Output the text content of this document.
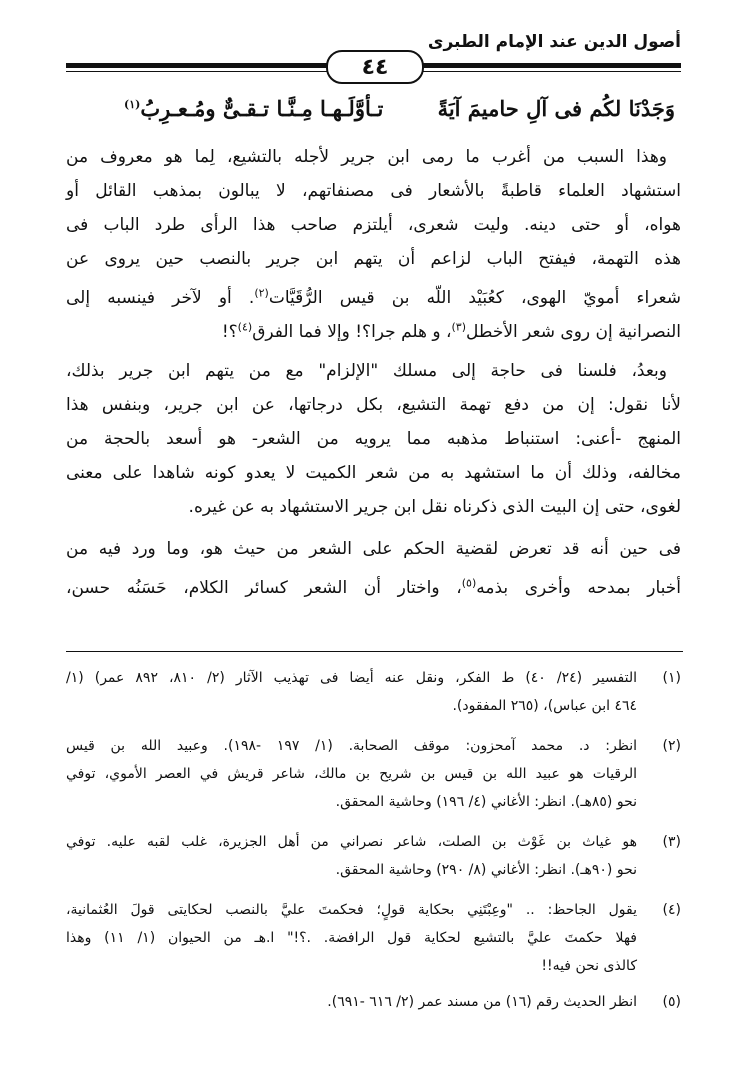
أصول الدين عند الإمام الطبرى
٤٤
وَجَدْنَا لكُم فى آلِ حاميمَ آيَةً
تـأوَّلَـهـا مِـنَّـا تـقـىٌّ ومُـعـرِبُ$^{(١)}$
وهذا السبب من أغرب ما رمى ابن جرير لأجله بالتشيع، لِما هو معروف من
استشهاد العلماء قاطبةً بالأشعار فى مصنفاتهم، لا يبالون بمذهب القائل أو
هواه، أو حتى دينه. وليت شعرى، أيلتزم صاحب هذا الرأى طرد الباب فى
هذه التهمة، فيفتح الباب لزاعم أن يتهم ابن جرير بالنصب حين يروى عن
شعراء أمويّ الهوى، كعُبَيْد اللّه بن قيس الرُّقَيَّات$^{(٢)}$. أو لآخر فينسبه إلى
النصرانية إن روى شعر الأخطل$^{(٣)}$، و هلم جرا؟! وإلا فما الفرق$^{(٤)}$؟!
وبعدُ، فلسنا فى حاجة إلى مسلك "الإلزام" مع من يتهم ابن جرير بذلك،
لأنا نقول: إن من دفع تهمة التشيع، بكل درجاتها، عن ابن جرير، وبنفس هذا
المنهج -أعنى: استنباط مذهبه مما يرويه من الشعر- هو أسعد بالحجة من
مخالفه، وذلك أن ما استشهد به من شعر الكميت لا يعدو كونه شاهدا على معنى
لغوى، حتى إن البيت الذى ذكرناه نقل ابن جرير الاستشهاد به عن غيره.
فى حين أنه قد تعرض لقضية الحكم على الشعر من حيث هو، وما ورد فيه من
أخبار بمدحه وأخرى بذمه$^{(٥)}$، واختار أن الشعر كسائر الكلام، حَسَنُه حسن،
(١)
التفسير (٢٤/ ٤٠) ط الفكر، ونقل عنه أيضا فى تهذيب الآثار (٢/ ٨١٠، ٨٩٢ عمر) (١/
٤٦٤ ابن عباس)، (٢٦٥ المفقود).
(٢)
انظر: د. محمد آمحزون: موقف الصحابة. (١/ ١٩٧ -١٩٨). وعبيد الله بن قيس
الرقيات هو عبيد الله بن قيس بن شريح بن مالك، شاعر قريش في العصر الأموي، توفي
نحو (٨٥هـ). انظر: الأغاني (٤/ ١٩٦) وحاشية المحقق.
(٣)
هو غياث بن غَوْث بن الصلت، شاعر نصراني من أهل الجزيرة، غلب لقبه عليه. توفي
نحو (٩٠هـ). انظر: الأغاني (٨/ ٢٩٠) وحاشية المحقق.
(٤)
يقول الجاحظ: .. "وعِبْتَنِي بحكاية قولٍ؛ فحكمتَ عليَّ بالنصب لحكايتى قولَ العُثمانية،
فهلا حكمتَ عليَّ بالتشيع لحكاية قول الرافضة. .؟!" ا.هـ من الحيوان (١/ ١١) وهذا
كالذى نحن فيه!!
(٥)
انظر الحديث رقم (١٦) من مسند عمر (٢/ ٦١٦ -٦٩١).
